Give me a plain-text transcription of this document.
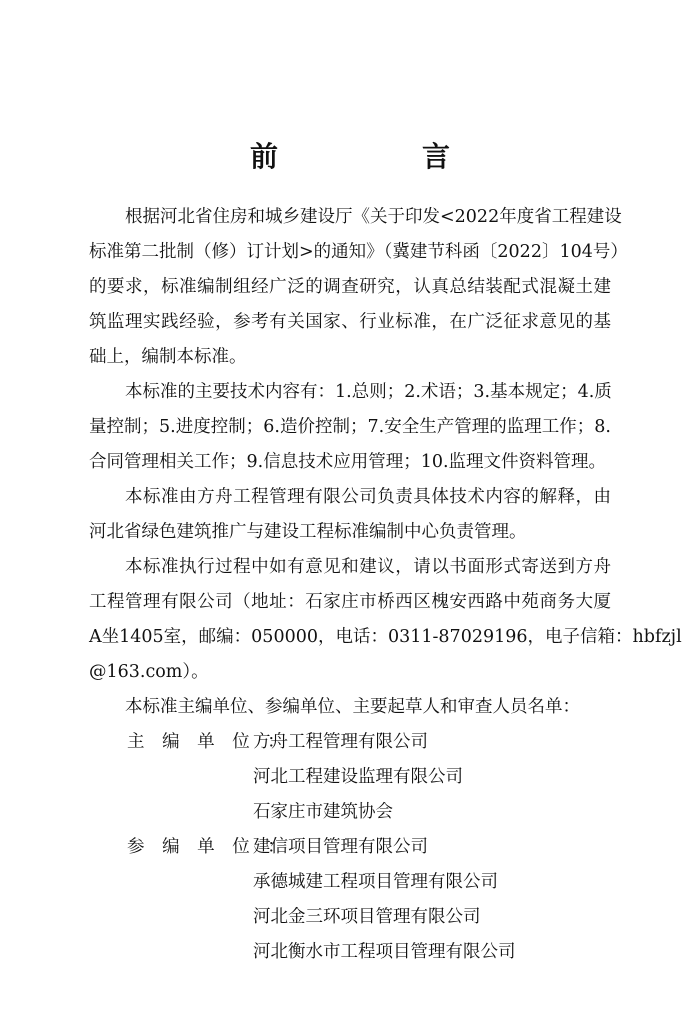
前　言
根据河北省住房和城乡建设厅《关于印发<2022年度省工程建设
标准第二批制（修）订计划>的通知》（冀建节科函〔2022〕104号）
的要求，标准编制组经广泛的调查研究，认真总结装配式混凝土建
筑监理实践经验，参考有关国家、行业标准，在广泛征求意见的基
础上，编制本标准。
本标准的主要技术内容有：1.总则；2.术语；3.基本规定；4.质
量控制；5.进度控制；6.造价控制；7.安全生产管理的监理工作；8.
合同管理相关工作；9.信息技术应用管理；10.监理文件资料管理。
本标准由方舟工程管理有限公司负责具体技术内容的解释，由
河北省绿色建筑推广与建设工程标准编制中心负责管理。
本标准执行过程中如有意见和建议，请以书面形式寄送到方舟
工程管理有限公司（地址：石家庄市桥西区槐安西路中苑商务大厦
A坐1405室，邮编：050000，电话：0311-87029196，电子信箱：hbfzjl
@163.com）。
本标准主编单位、参编单位、主要起草人和审查人员名单：
主 编 单 位 ：
方舟工程管理有限公司
河北工程建设监理有限公司
石家庄市建筑协会
参 编 单 位 ：
建信项目管理有限公司
承德城建工程项目管理有限公司
河北金三环项目管理有限公司
河北衡水市工程项目管理有限公司
